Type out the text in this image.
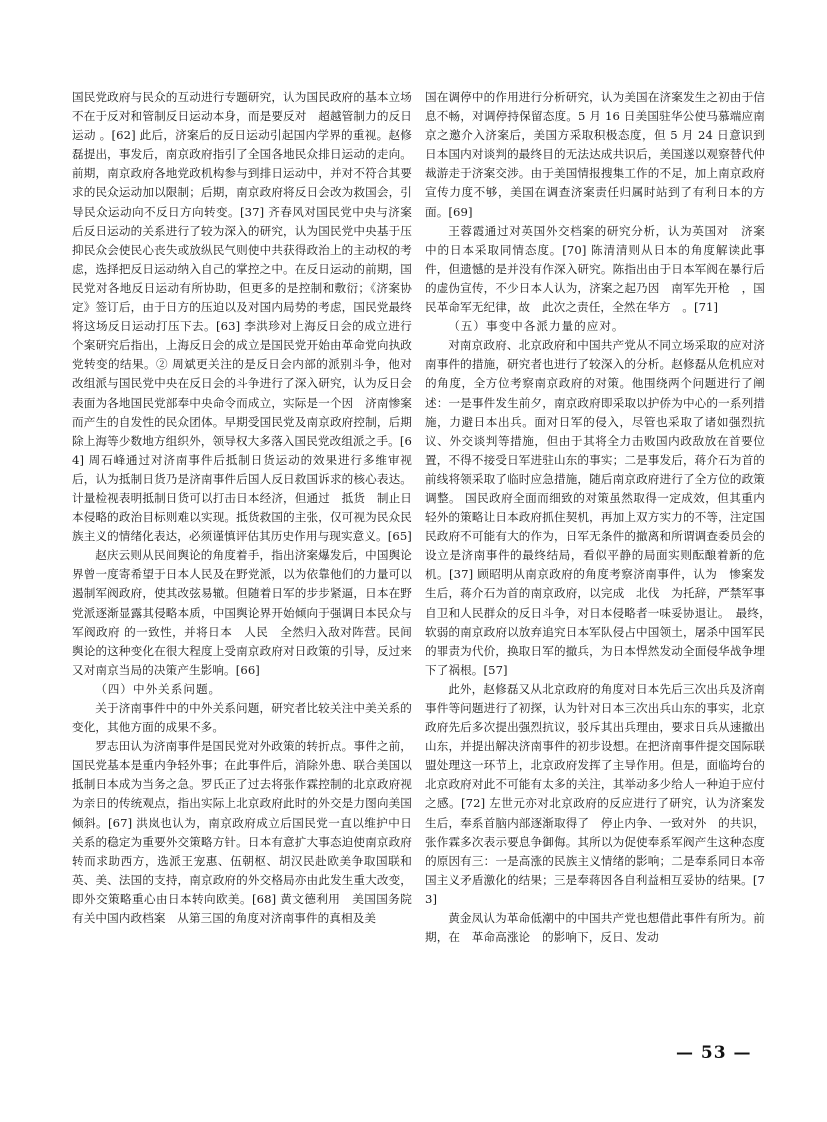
国民党政府与民众的互动进行专题研究，认为国民政府的基本立场不在于反对和管制反日运动本身，而是要反对　超越管制力的反日运动 。[62] 此后，济案后的反日运动引起国内学界的重视。赵修磊提出，事发后，南京政府指引了全国各地民众排日运动的走向。前期，南京政府各地党政机构参与到排日运动中，并对不符合其要求的民众运动加以限制；后期，南京政府将反日会改为救国会，引导民众运动向不反日方向转变。[37] 齐春风对国民党中央与济案后反日运动的关系进行了较为深入的研究，认为国民党中央基于压抑民众会使民心丧失或放纵民气则使中共获得政治上的主动权的考虑，选择把反日运动纳入自己的掌控之中。在反日运动的前期，国民党对各地反日运动有所协助，但更多的是控制和敷衍；《济案协定》签订后，由于日方的压迫以及对国内局势的考虑，国民党最终将这场反日运动打压下去。[63] 李洪珍对上海反日会的成立进行个案研究后指出，上海反日会的成立是国民党开始由革命党向执政党转变的结果。② 周斌更关注的是反日会内部的派别斗争，他对改组派与国民党中央在反日会的斗争进行了深入研究，认为反日会表面为各地国民党部奉中央命令而成立，实际是一个因　济南惨案　而产生的自发性的民众团体。早期受国民党及南京政府控制，后期除上海等少数地方组织外，领导权大多落入国民党改组派之手。[64] 周石峰通过对济南事件后抵制日货运动的效果进行多维审视后，认为抵制日货乃是济南事件后国人反日救国诉求的核心表达。计量检视表明抵制日货可以打击日本经济，但通过　抵货　制止日本侵略的政治目标则难以实现。抵货救国的主张，仅可视为民众民族主义的情绪化表达，必须谨慎评估其历史作用与现实意义。[65]

赵庆云则从民间舆论的角度着手，指出济案爆发后，中国舆论界曾一度寄希望于日本人民及在野党派，以为依靠他们的力量可以遏制军阀政府，使其改弦易辙。但随着日军的步步紧逼，日本在野党派逐渐显露其侵略本质，中国舆论界开始倾向于强调日本民众与军阀政府 的一致性，并将日本　人民　全然归入敌对阵营。民间舆论的这种变化在很大程度上受南京政府对日政策的引导，反过来又对南京当局的决策产生影响。[66]

（四）中外关系问题。

关于济南事件中的中外关系问题，研究者比较关注中美关系的变化，其他方面的成果不多。

罗志田认为济南事件是国民党对外政策的转折点。事件之前，国民党基本是重内争轻外事；在此事件后，消除外患、联合美国以抵制日本成为当务之急。罗氏正了过去将张作霖控制的北京政府视为亲日的传统观点，指出实际上北京政府此时的外交是力图向美国倾斜。[67] 洪岚也认为，南京政府成立后国民党一直以维护中日关系的稳定为重要外交策略方针。日本有意扩大事态迫使南京政府转而求助西方，选派王宠惠、伍朝枢、胡汉民赴欧美争取国联和英、美、法国的支持，南京政府的外交格局亦由此发生重大改变，即外交策略重心由日本转向欧美。[68] 黄文德利用　美国国务院有关中国内政档案　从第三国的角度对济南事件的真相及美

国在调停中的作用进行分析研究，认为美国在济案发生之初由于信息不畅，对调停持保留态度。5 月 16 日美国驻华公使马慕端应南京之邀介入济案后，美国方采取积极态度，但 5 月 24 日意识到日本国内对谈判的最终目的无法达成共识后，美国遂以观察替代仲裁游走于济案交涉。由于美国情报搜集工作的不足，加上南京政府宣传力度不够，美国在调查济案责任归属时站到了有利日本的方面。[69]

王蓉霞通过对英国外交档案的研究分析，认为英国对　济案　中的日本采取同情态度。[70] 陈清清则从日本的角度解读此事件，但遗憾的是并没有作深入研究。陈指出由于日本军阀在暴行后的虚伪宣传，不少日本人认为，济案之起乃因　南军先开枪　，国民革命军无纪律，故　此次之责任，全然在华方　。[71]

（五）事变中各派力量的应对。

对南京政府、北京政府和中国共产党从不同立场采取的应对济南事件的措施，研究者也进行了较深入的分析。赵修磊从危机应对的角度，全方位考察南京政府的对策。他围绕两个问题进行了阐述：一是事件发生前夕，南京政府即采取以护侨为中心的一系列措施，力避日本出兵。面对日军的侵入，尽管也采取了诸如强烈抗议、外交谈判等措施，但由于其将全力击败国内政敌放在首要位置，不得不接受日军进驻山东的事实；二是事发后，蒋介石为首的前线将领采取了临时应急措施，随后南京政府进行了全方位的政策调整。 国民政府全面而细致的对策虽然取得一定成效，但其重内轻外的策略让日本政府抓住契机，再加上双方实力的不等，注定国民政府不可能有大的作为，日军无条件的撤离和所谓调查委员会的设立是济南事件的最终结局，看似平静的局面实则酝酿着新的危机。[37] 顾昭明从南京政府的角度考察济南事件，认为　惨案发生后，蒋介石为首的南京政府，以完成　北伐　为托辞，严禁军事自卫和人民群众的反日斗争，对日本侵略者一味妥协退让。　最终，　软弱的南京政府以放弃追究日本军队侵占中国领土，屠杀中国军民的罪责为代价，换取日军的撤兵，为日本悍然发动全面侵华战争埋下了祸根。[57]

此外，赵修磊又从北京政府的角度对日本先后三次出兵及济南事件等问题进行了初探，认为针对日本三次出兵山东的事实，北京政府先后多次提出强烈抗议，驳斥其出兵理由，要求日兵从速撤出山东，并提出解决济南事件的初步设想。在把济南事件提交国际联盟处理这一环节上，北京政府发挥了主导作用。但是，面临垮台的北京政府对此不可能有太多的关注，其举动多少给人一种迫于应付之感。[72] 左世元亦对北京政府的反应进行了研究，认为济案发生后，奉系首脑内部逐渐取得了　停止内争、一致对外　的共识，张作霖多次表示要息争御侮。其所以为促使奉系军阀产生这种态度的原因有三：一是高涨的民族主义情绪的影响；二是奉系同日本帝国主义矛盾激化的结果；三是奉蒋因各自利益相互妥协的结果。[73]

黄金凤认为革命低潮中的中国共产党也想借此事件有所为。前期，在　革命高涨论　的影响下，反日、发动

— 53 —
